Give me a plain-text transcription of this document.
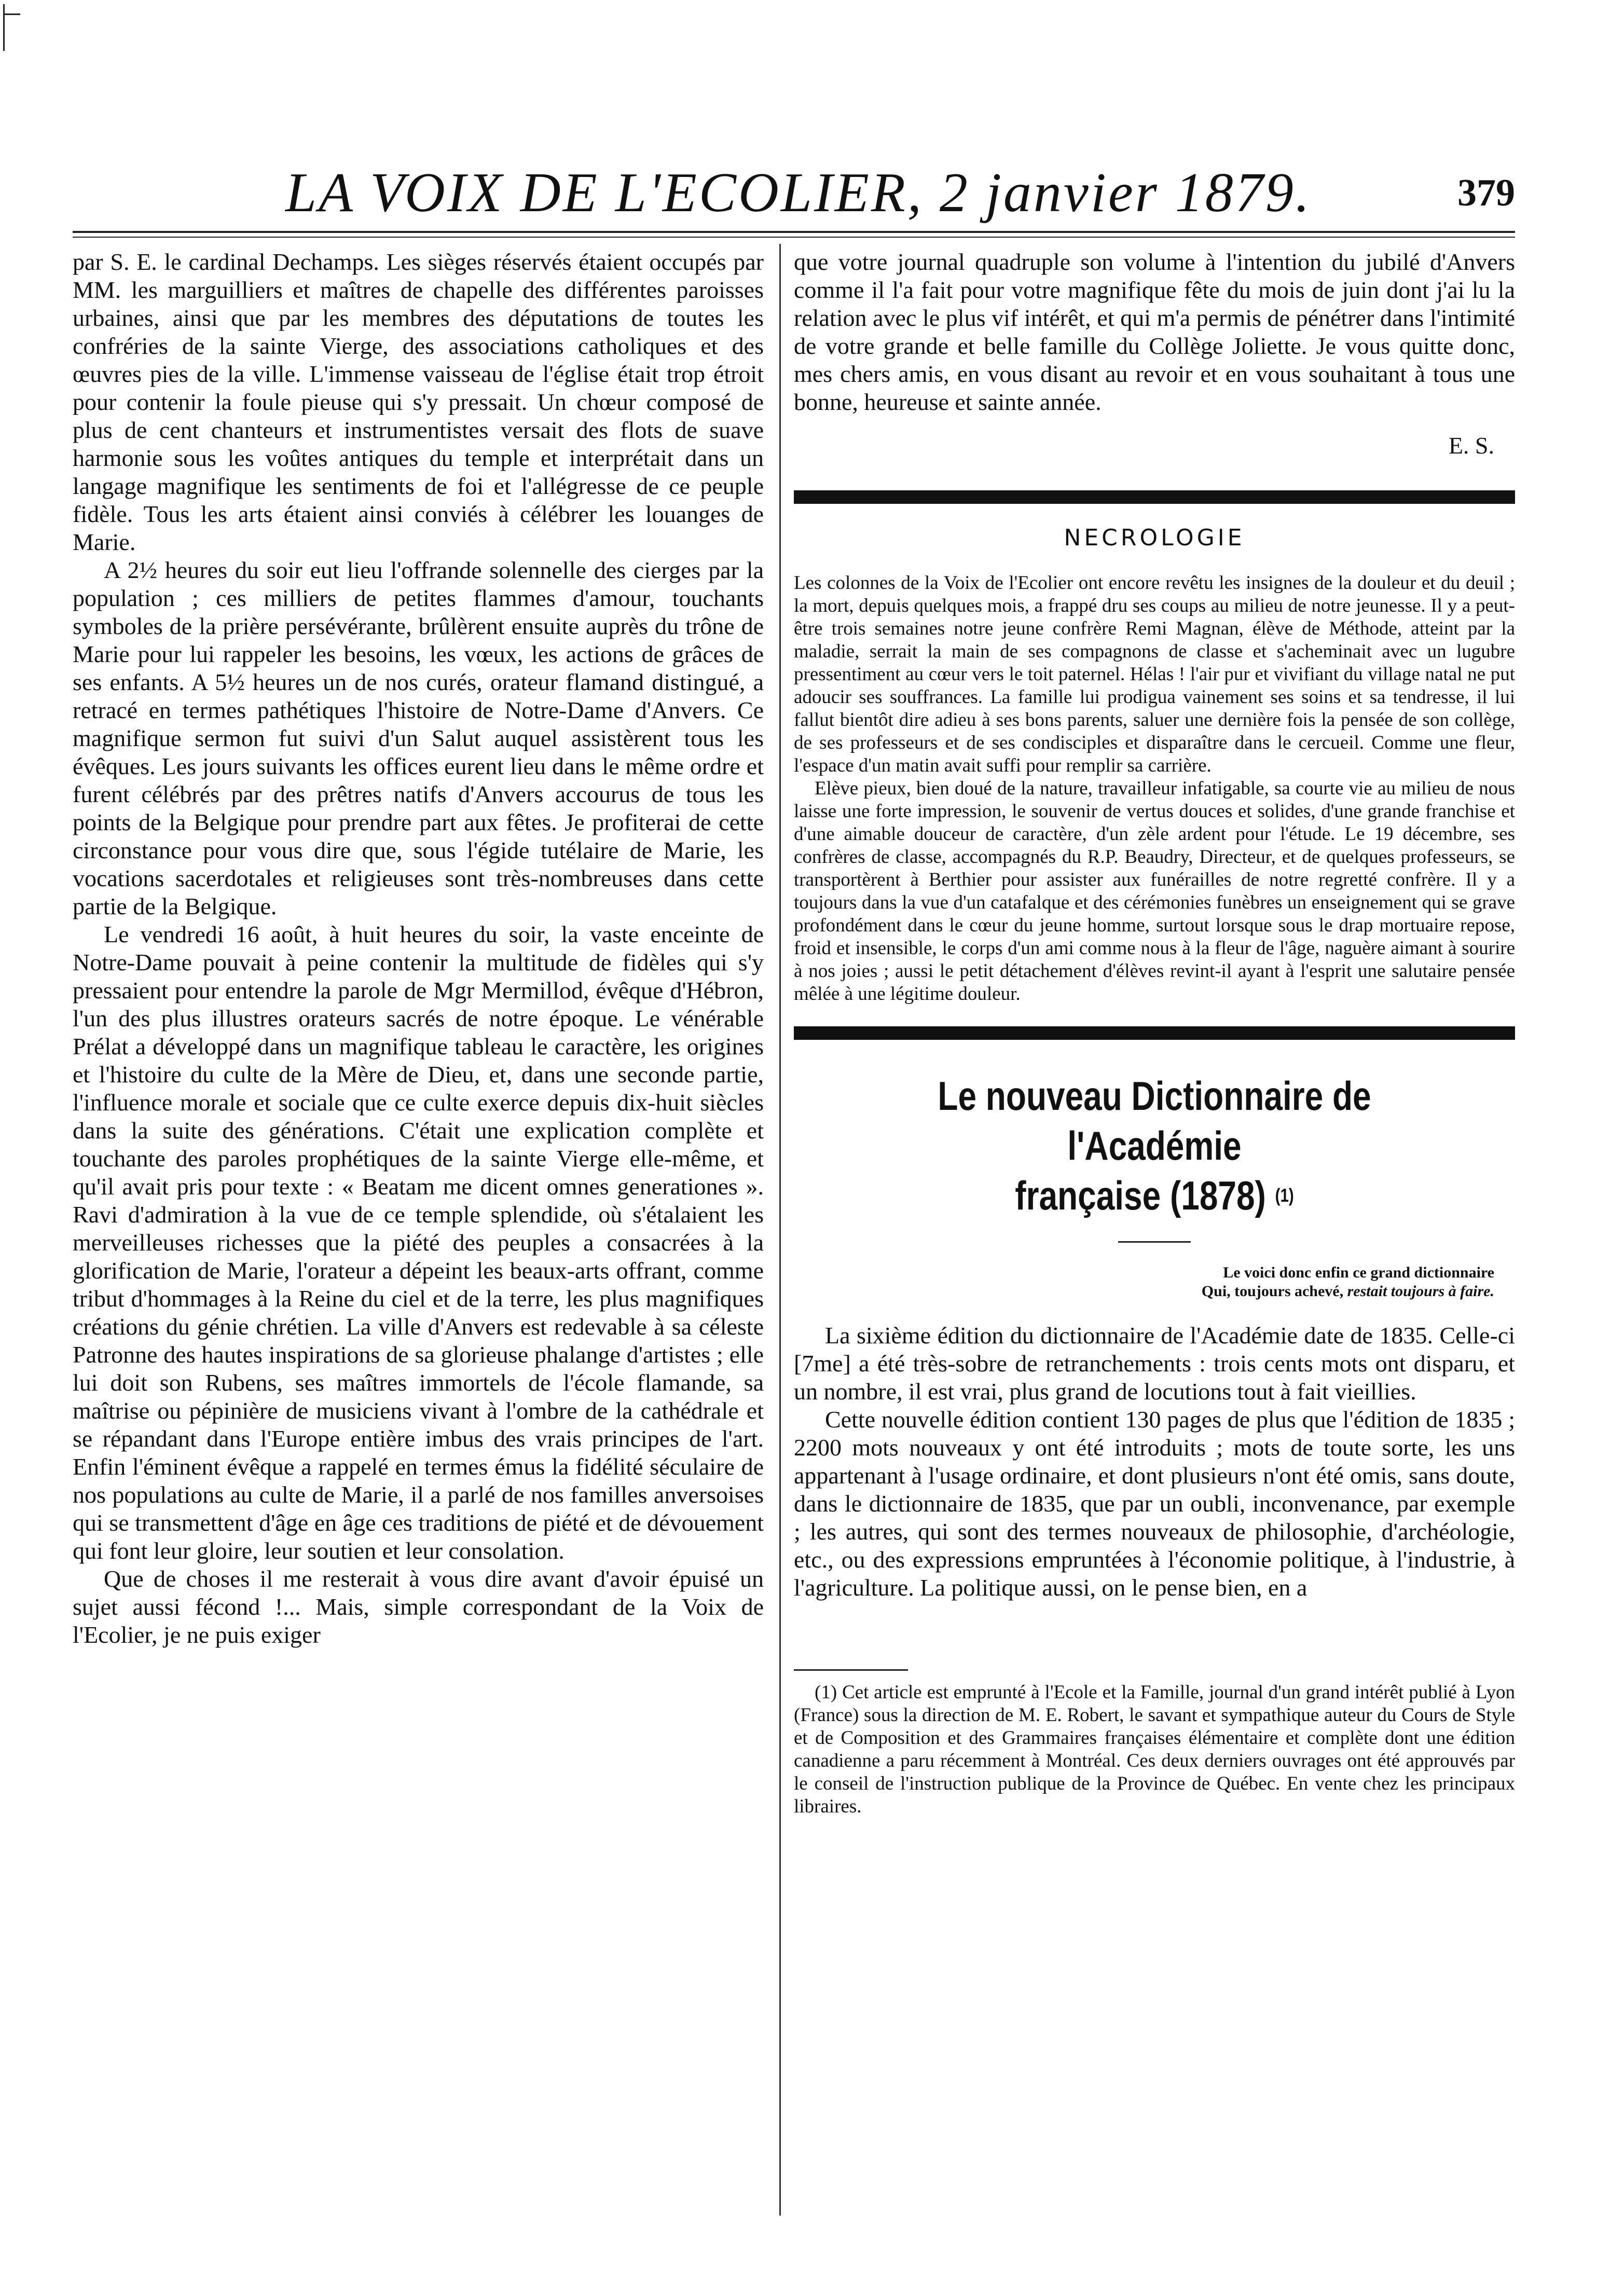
LA VOIX DE L'ECOLIER, 2 janvier 1879.	379

par S. E. le cardinal Dechamps. Les sièges réservés étaient occupés par MM. les marguilliers et maîtres de chapelle des différentes paroisses urbaines, ainsi que par les membres des députations de toutes les confréries de la sainte Vierge, des associations catholiques et des œuvres pies de la ville. L'immense vaisseau de l'église était trop étroit pour contenir la foule pieuse qui s'y pressait. Un chœur composé de plus de cent chanteurs et instrumentistes versait des flots de suave harmonie sous les voûtes antiques du temple et interprétait dans un langage magnifique les sentiments de foi et l'allégresse de ce peuple fidèle. Tous les arts étaient ainsi conviés à célébrer les louanges de Marie.

A 2½ heures du soir eut lieu l'offrande solennelle des cierges par la population ; ces milliers de petites flammes d'amour, touchants symboles de la prière persévérante, brûlèrent ensuite auprès du trône de Marie pour lui rappeler les besoins, les vœux, les actions de grâces de ses enfants. A 5½ heures un de nos curés, orateur flamand distingué, a retracé en termes pathétiques l'histoire de Notre-Dame d'Anvers. Ce magnifique sermon fut suivi d'un Salut auquel assistèrent tous les évêques. Les jours suivants les offices eurent lieu dans le même ordre et furent célébrés par des prêtres natifs d'Anvers accourus de tous les points de la Belgique pour prendre part aux fêtes. Je profiterai de cette circonstance pour vous dire que, sous l'égide tutélaire de Marie, les vocations sacerdotales et religieuses sont très-nombreuses dans cette partie de la Belgique.

Le vendredi 16 août, à huit heures du soir, la vaste enceinte de Notre-Dame pouvait à peine contenir la multitude de fidèles qui s'y pressaient pour entendre la parole de Mgr Mermillod, évêque d'Hébron, l'un des plus illustres orateurs sacrés de notre époque. Le vénérable Prélat a développé dans un magnifique tableau le caractère, les origines et l'histoire du culte de la Mère de Dieu, et, dans une seconde partie, l'influence morale et sociale que ce culte exerce depuis dix-huit siècles dans la suite des générations. C'était une explication complète et touchante des paroles prophétiques de la sainte Vierge elle-même, et qu'il avait pris pour texte : « Beatam me dicent omnes generationes ». Ravi d'admiration à la vue de ce temple splendide, où s'étalaient les merveilleuses richesses que la piété des peuples a consacrées à la glorification de Marie, l'orateur a dépeint les beaux-arts offrant, comme tribut d'hommages à la Reine du ciel et de la terre, les plus magnifiques créations du génie chrétien. La ville d'Anvers est redevable à sa céleste Patronne des hautes inspirations de sa glorieuse phalange d'artistes ; elle lui doit son Rubens, ses maîtres immortels de l'école flamande, sa maîtrise ou pépinière de musiciens vivant à l'ombre de la cathédrale et se répandant dans l'Europe entière imbus des vrais principes de l'art. Enfin l'éminent évêque a rappelé en termes émus la fidélité séculaire de nos populations au culte de Marie, il a parlé de nos familles anversoises qui se transmettent d'âge en âge ces traditions de piété et de dévouement qui font leur gloire, leur soutien et leur consolation.

Que de choses il me resterait à vous dire avant d'avoir épuisé un sujet aussi fécond !... Mais, simple correspondant de la Voix de l'Ecolier, je ne puis exiger

que votre journal quadruple son volume à l'intention du jubilé d'Anvers comme il l'a fait pour votre magnifique fête du mois de juin dont j'ai lu la relation avec le plus vif intérêt, et qui m'a permis de pénétrer dans l'intimité de votre grande et belle famille du Collège Joliette. Je vous quitte donc, mes chers amis, en vous disant au revoir et en vous souhaitant à tous une bonne, heureuse et sainte année.

E. S.
NECROLOGIE

Les colonnes de la Voix de l'Ecolier ont encore revêtu les insignes de la douleur et du deuil ; la mort, depuis quelques mois, a frappé dru ses coups au milieu de notre jeunesse. Il y a peut-être trois semaines notre jeune confrère Remi Magnan, élève de Méthode, atteint par la maladie, serrait la main de ses compagnons de classe et s'acheminait avec un lugubre pressentiment au cœur vers le toit paternel. Hélas ! l'air pur et vivifiant du village natal ne put adoucir ses souffrances. La famille lui prodigua vainement ses soins et sa tendresse, il lui fallut bientôt dire adieu à ses bons parents, saluer une dernière fois la pensée de son collège, de ses professeurs et de ses condisciples et disparaître dans le cercueil. Comme une fleur, l'espace d'un matin avait suffi pour remplir sa carrière.

Elève pieux, bien doué de la nature, travailleur infatigable, sa courte vie au milieu de nous laisse une forte impression, le souvenir de vertus douces et solides, d'une grande franchise et d'une aimable douceur de caractère, d'un zèle ardent pour l'étude. Le 19 décembre, ses confrères de classe, accompagnés du R.P. Beaudry, Directeur, et de quelques professeurs, se transportèrent à Berthier pour assister aux funérailles de notre regretté confrère. Il y a toujours dans la vue d'un catafalque et des cérémonies funèbres un enseignement qui se grave profondément dans le cœur du jeune homme, surtout lorsque sous le drap mortuaire repose, froid et insensible, le corps d'un ami comme nous à la fleur de l'âge, naguère aimant à sourire à nos joies ; aussi le petit détachement d'élèves revint-il ayant à l'esprit une salutaire pensée mêlée à une légitime douleur.

Le nouveau Dictionnaire de l'Académie
française (1878) $^{(1)}$
Le voici donc enfin ce grand dictionnaire
Qui, toujours achevé, restait toujours à faire.

La sixième édition du dictionnaire de l'Académie date de 1835. Celle-ci [7me] a été très-sobre de retranchements : trois cents mots ont disparu, et un nombre, il est vrai, plus grand de locutions tout à fait vieillies.

Cette nouvelle édition contient 130 pages de plus que l'édition de 1835 ; 2200 mots nouveaux y ont été introduits ; mots de toute sorte, les uns appartenant à l'usage ordinaire, et dont plusieurs n'ont été omis, sans doute, dans le dictionnaire de 1835, que par un oubli, inconvenance, par exemple ; les autres, qui sont des termes nouveaux de philosophie, d'archéologie, etc., ou des expressions empruntées à l'économie politique, à l'industrie, à l'agriculture. La politique aussi, on le pense bien, en a

(1) Cet article est emprunté à l'Ecole et la Famille, journal d'un grand intérêt publié à Lyon (France) sous la direction de M. E. Robert, le savant et sympathique auteur du Cours de Style et de Composition et des Grammaires françaises élémentaire et complète dont une édition canadienne a paru récemment à Montréal. Ces deux derniers ouvrages ont été approuvés par le conseil de l'instruction publique de la Province de Québec. En vente chez les principaux libraires.
